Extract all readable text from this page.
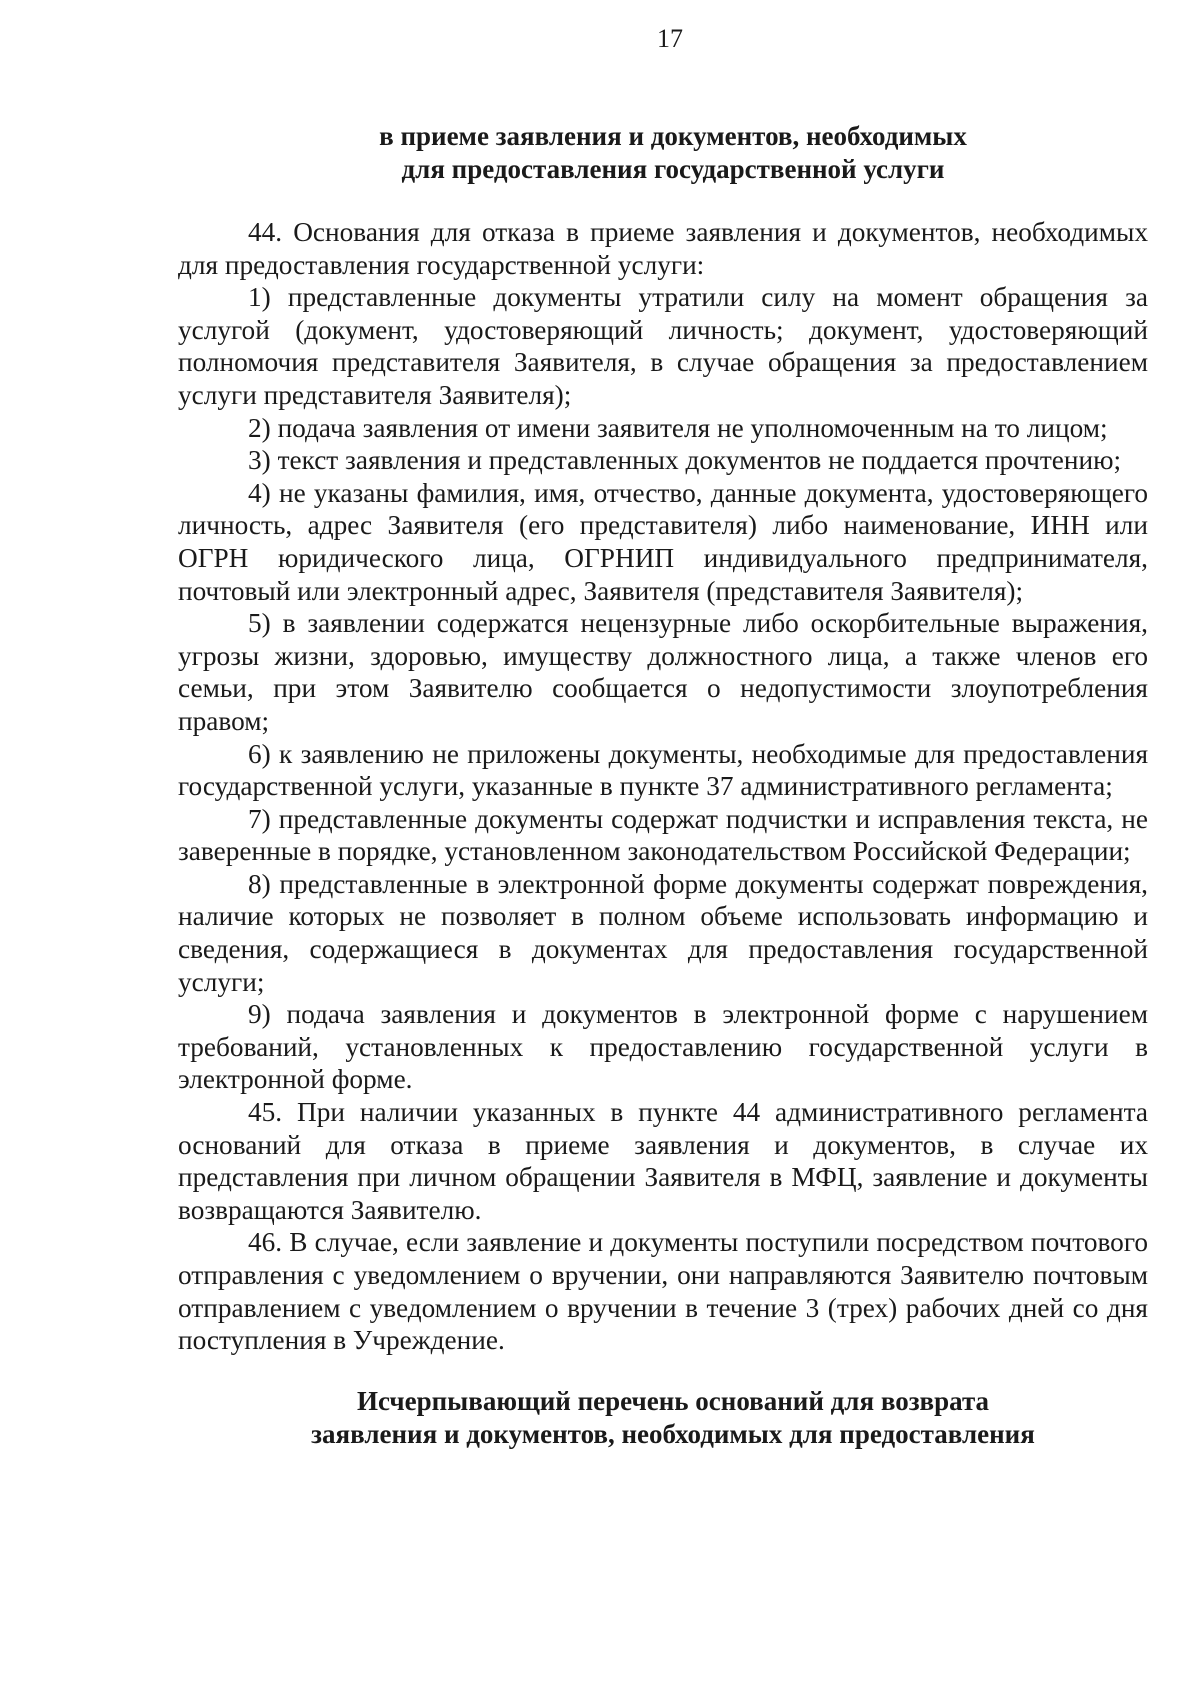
17
в приеме заявления и документов, необходимых
для предоставления государственной услуги

44. Основания для отказа в приеме заявления и документов, необходимых для предоставления государственной услуги:

1) представленные документы утратили силу на момент обращения за услугой (документ, удостоверяющий личность; документ, удостоверяющий полномочия представителя Заявителя, в случае обращения за предоставлением услуги представителя Заявителя);

2) подача заявления от имени заявителя не уполномоченным на то лицом;

3) текст заявления и представленных документов не поддается прочтению;

4) не указаны фамилия, имя, отчество, данные документа, удостоверяющего личность, адрес Заявителя (его представителя) либо наименование, ИНН или ОГРН юридического лица, ОГРНИП индивидуального предпринимателя, почтовый или электронный адрес, Заявителя (представителя Заявителя);

5) в заявлении содержатся нецензурные либо оскорбительные выражения, угрозы жизни, здоровью, имуществу должностного лица, а также членов его семьи, при этом Заявителю сообщается о недопустимости злоупотребления правом;

6) к заявлению не приложены документы, необходимые для предоставления государственной услуги, указанные в пункте 37 административного регламента;

7) представленные документы содержат подчистки и исправления текста, не заверенные в порядке, установленном законодательством Российской Федерации;

8) представленные в электронной форме документы содержат повреждения, наличие которых не позволяет в полном объеме использовать информацию и сведения, содержащиеся в документах для предоставления государственной услуги;

9) подача заявления и документов в электронной форме с нарушением требований, установленных к предоставлению государственной услуги в электронной форме.

45. При наличии указанных в пункте 44 административного регламента оснований для отказа в приеме заявления и документов, в случае их представления при личном обращении Заявителя в МФЦ, заявление и документы возвращаются Заявителю.

46. В случае, если заявление и документы поступили посредством почтового отправления с уведомлением о вручении, они направляются Заявителю почтовым отправлением с уведомлением о вручении в течение 3 (трех) рабочих дней со дня поступления в Учреждение.

Исчерпывающий перечень оснований для возврата
заявления и документов, необходимых для предоставления
